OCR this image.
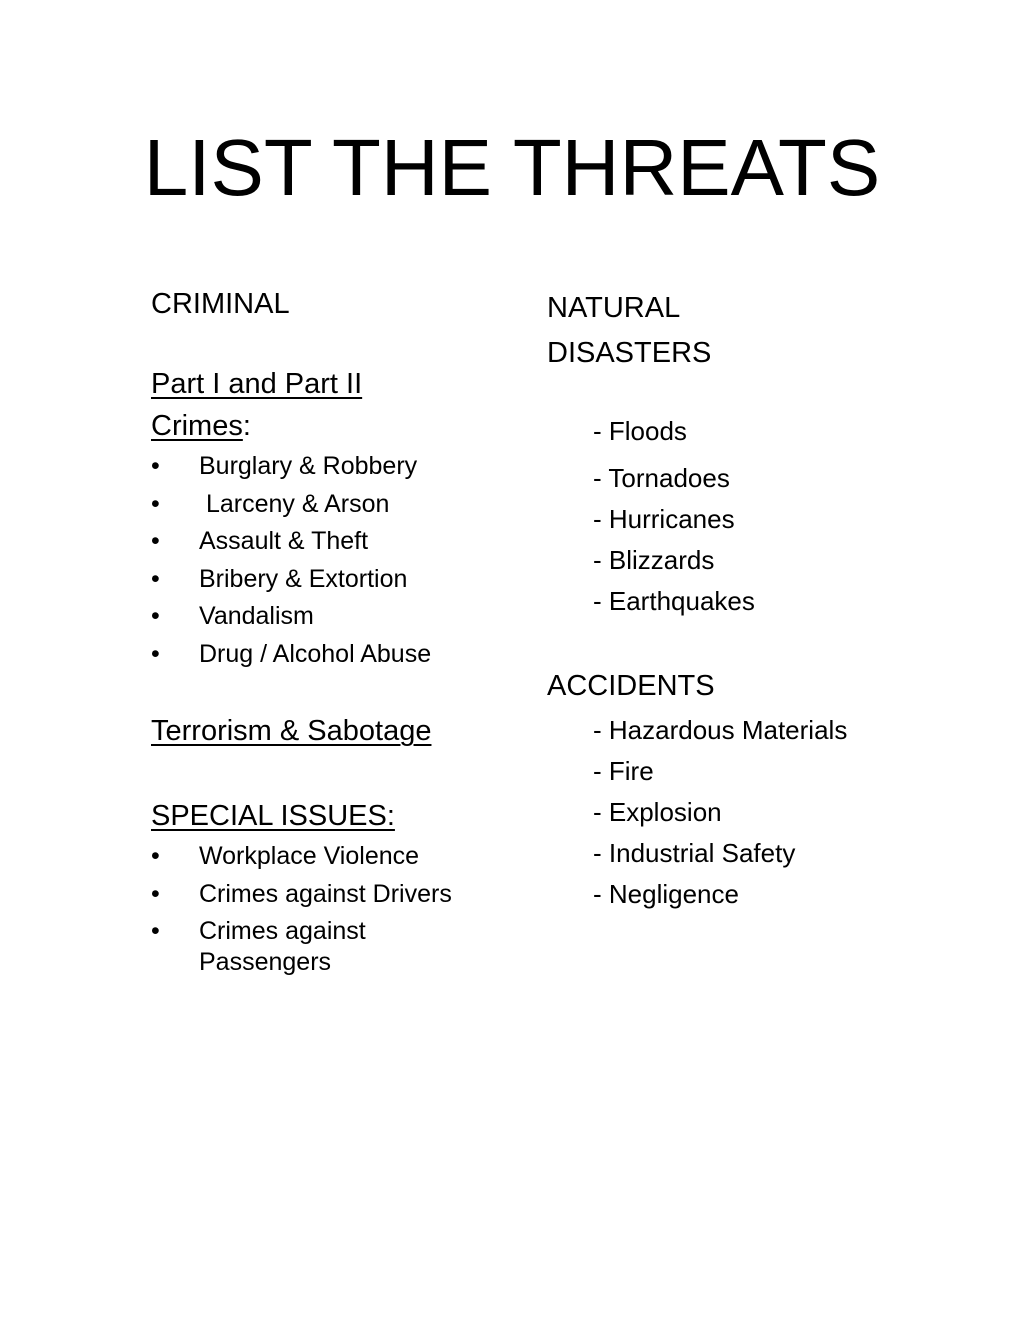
LIST THE THREATS
CRIMINAL
Part I and Part II
Crimes:
•	Burglary & Robbery
•	Larceny & Arson
•	Assault & Theft
•	Bribery & Extortion
•	Vandalism
•	Drug / Alcohol Abuse
Terrorism & Sabotage
SPECIAL ISSUES:
•	Workplace Violence
•	Crimes against Drivers
•	Crimes against Passengers
NATURAL
DISASTERS
- Floods
- Tornadoes
- Hurricanes
- Blizzards
- Earthquakes
ACCIDENTS
- Hazardous Materials
- Fire
- Explosion
- Industrial Safety
- Negligence
